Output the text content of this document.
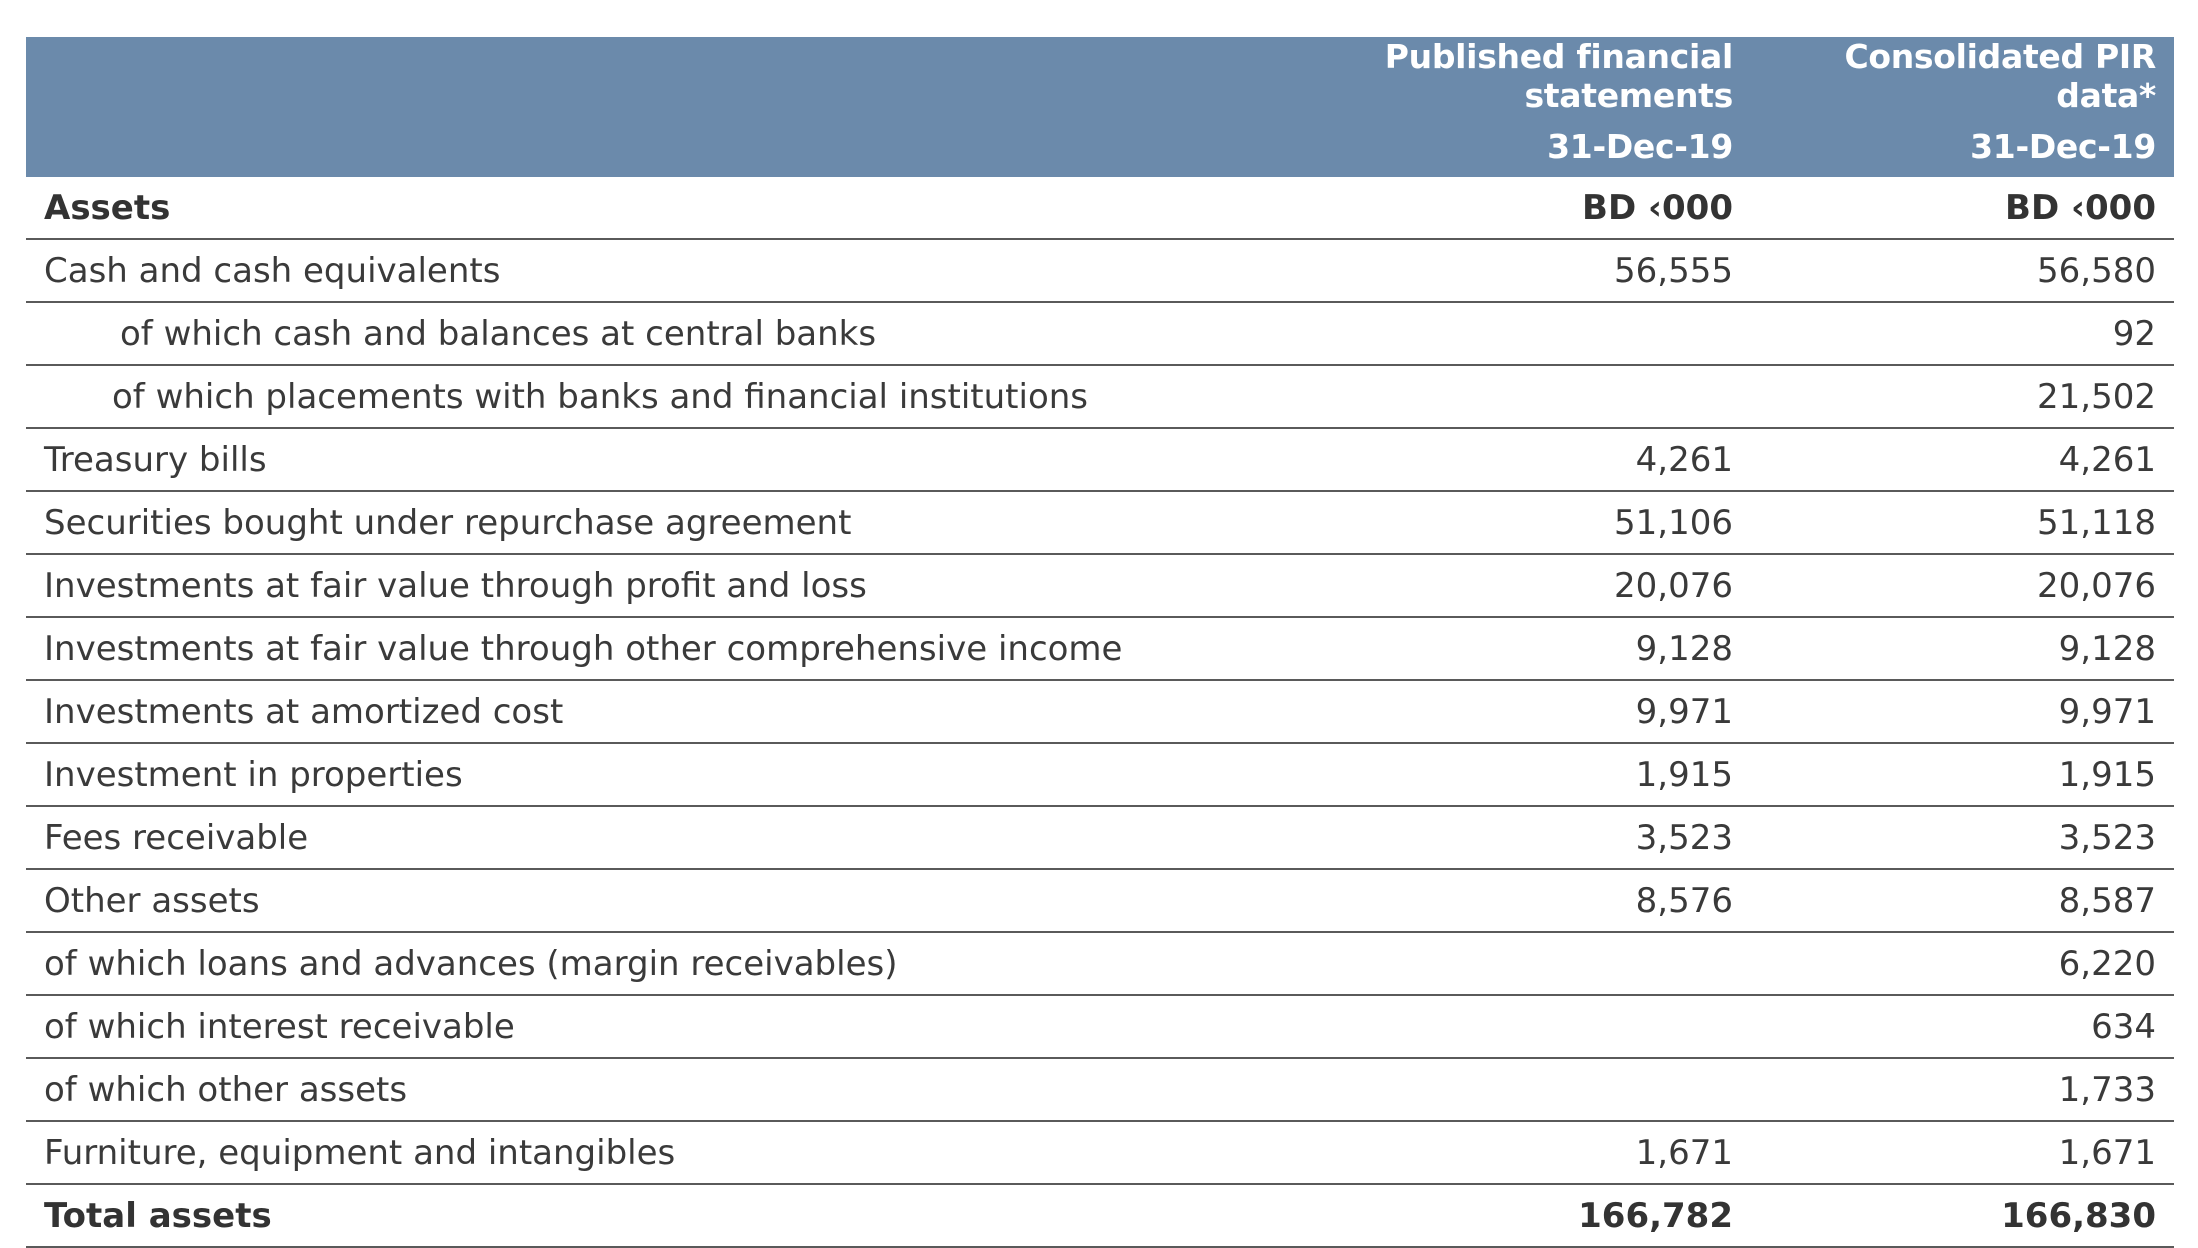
	Published financial statements	Consolidated PIR data*
	31-Dec-19	31-Dec-19
Assets	BD ‹000	BD ‹000
Cash and cash equivalents	56,555	56,580
of which cash and balances at central banks		92
of which placements with banks and financial institutions		21,502
Treasury bills	4,261	4,261
Securities bought under repurchase agreement	51,106	51,118
Investments at fair value through profit and loss	20,076	20,076
Investments at fair value through other comprehensive income	9,128	9,128
Investments at amortized cost	9,971	9,971
Investment in properties	1,915	1,915
Fees receivable	3,523	3,523
Other assets	8,576	8,587
of which loans and advances (margin receivables)		6,220
of which interest receivable		634
of which other assets		1,733
Furniture, equipment and intangibles	1,671	1,671
Total assets	166,782	166,830
